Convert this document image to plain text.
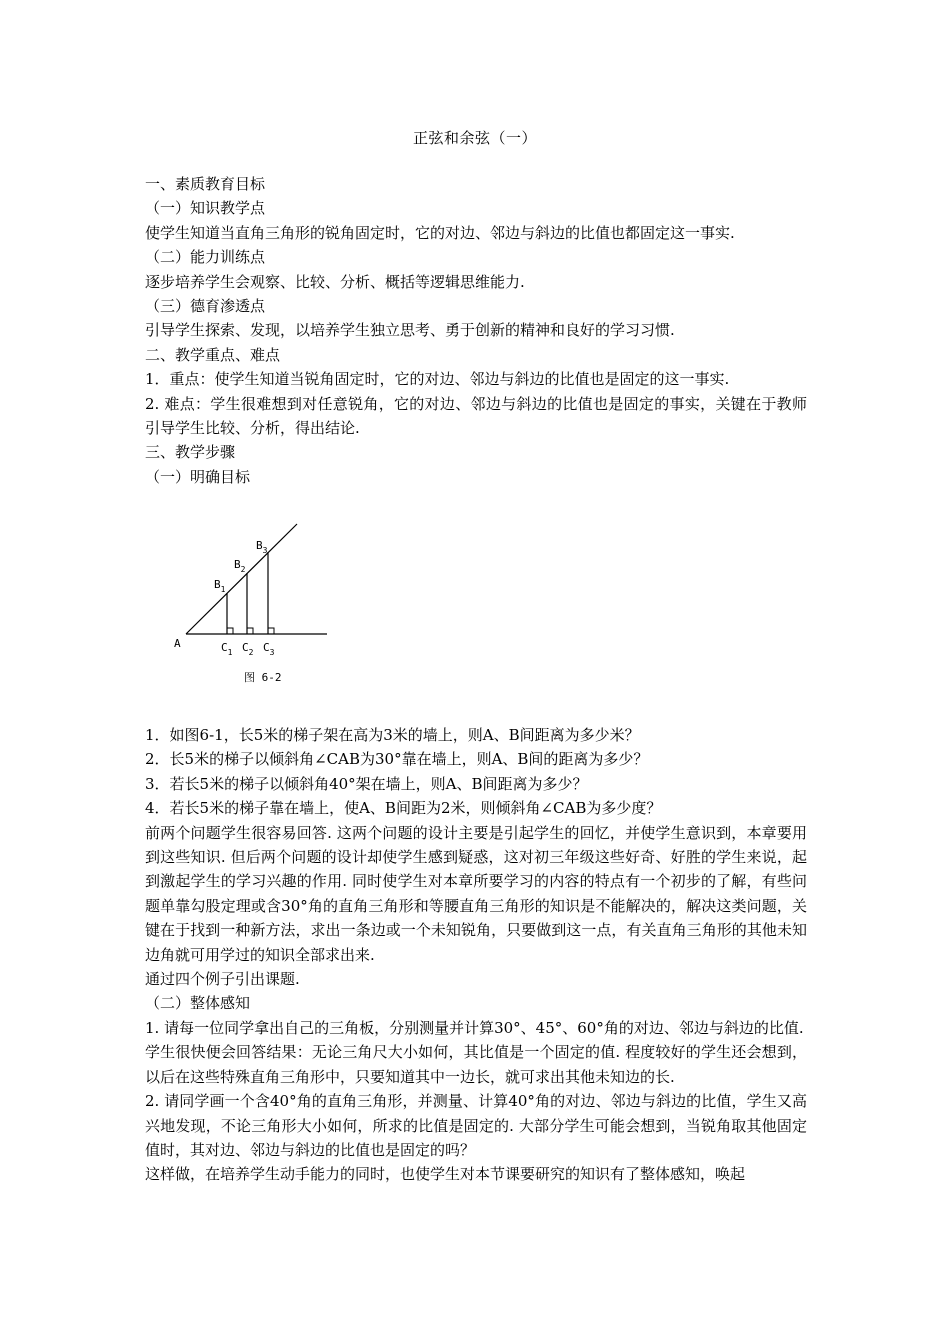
正弦和余弦（一）

一、素质教育目标

（一）知识教学点

使学生知道当直角三角形的锐角固定时，它的对边、邻边与斜边的比值也都固定这一事实.

（二）能力训练点

逐步培养学生会观察、比较、分析、概括等逻辑思维能力.

（三）德育渗透点

引导学生探索、发现，以培养学生独立思考、勇于创新的精神和良好的学习习惯.

二、教学重点、难点

1．重点：使学生知道当锐角固定时，它的对边、邻边与斜边的比值也是固定的这一事实.

2. 难点：学生很难想到对任意锐角，它的对边、邻边与斜边的比值也是固定的事实，关键在于教师引导学生比较、分析，得出结论.

三、教学步骤

（一）明确目标

A
$B_1$
$B_2$
$B_3$
$C_1$ $C_2$ $C_3$
图 6-2

1．如图6-1，长5米的梯子架在高为3米的墙上，则A、B间距离为多少米？

2．长5米的梯子以倾斜角∠CAB为30°靠在墙上，则A、B间的距离为多少？

3．若长5米的梯子以倾斜角40°架在墙上，则A、B间距离为多少？

4．若长5米的梯子靠在墙上，使A、B间距为2米，则倾斜角∠CAB为多少度？

前两个问题学生很容易回答. 这两个问题的设计主要是引起学生的回忆，并使学生意识到，本章要用到这些知识. 但后两个问题的设计却使学生感到疑惑，这对初三年级这些好奇、好胜的学生来说，起到激起学生的学习兴趣的作用. 同时使学生对本章所要学习的内容的特点有一个初步的了解，有些问题单靠勾股定理或含30°角的直角三角形和等腰直角三角形的知识是不能解决的，解决这类问题，关键在于找到一种新方法，求出一条边或一个未知锐角，只要做到这一点，有关直角三角形的其他未知边角就可用学过的知识全部求出来.

通过四个例子引出课题.

（二）整体感知

1. 请每一位同学拿出自己的三角板，分别测量并计算30°、45°、60°角的对边、邻边与斜边的比值.

学生很快便会回答结果：无论三角尺大小如何，其比值是一个固定的值. 程度较好的学生还会想到，以后在这些特殊直角三角形中，只要知道其中一边长，就可求出其他未知边的长.

2. 请同学画一个含40°角的直角三角形，并测量、计算40°角的对边、邻边与斜边的比值，学生又高兴地发现，不论三角形大小如何，所求的比值是固定的. 大部分学生可能会想到，当锐角取其他固定值时，其对边、邻边与斜边的比值也是固定的吗？

这样做，在培养学生动手能力的同时，也使学生对本节课要研究的知识有了整体感知，唤起
